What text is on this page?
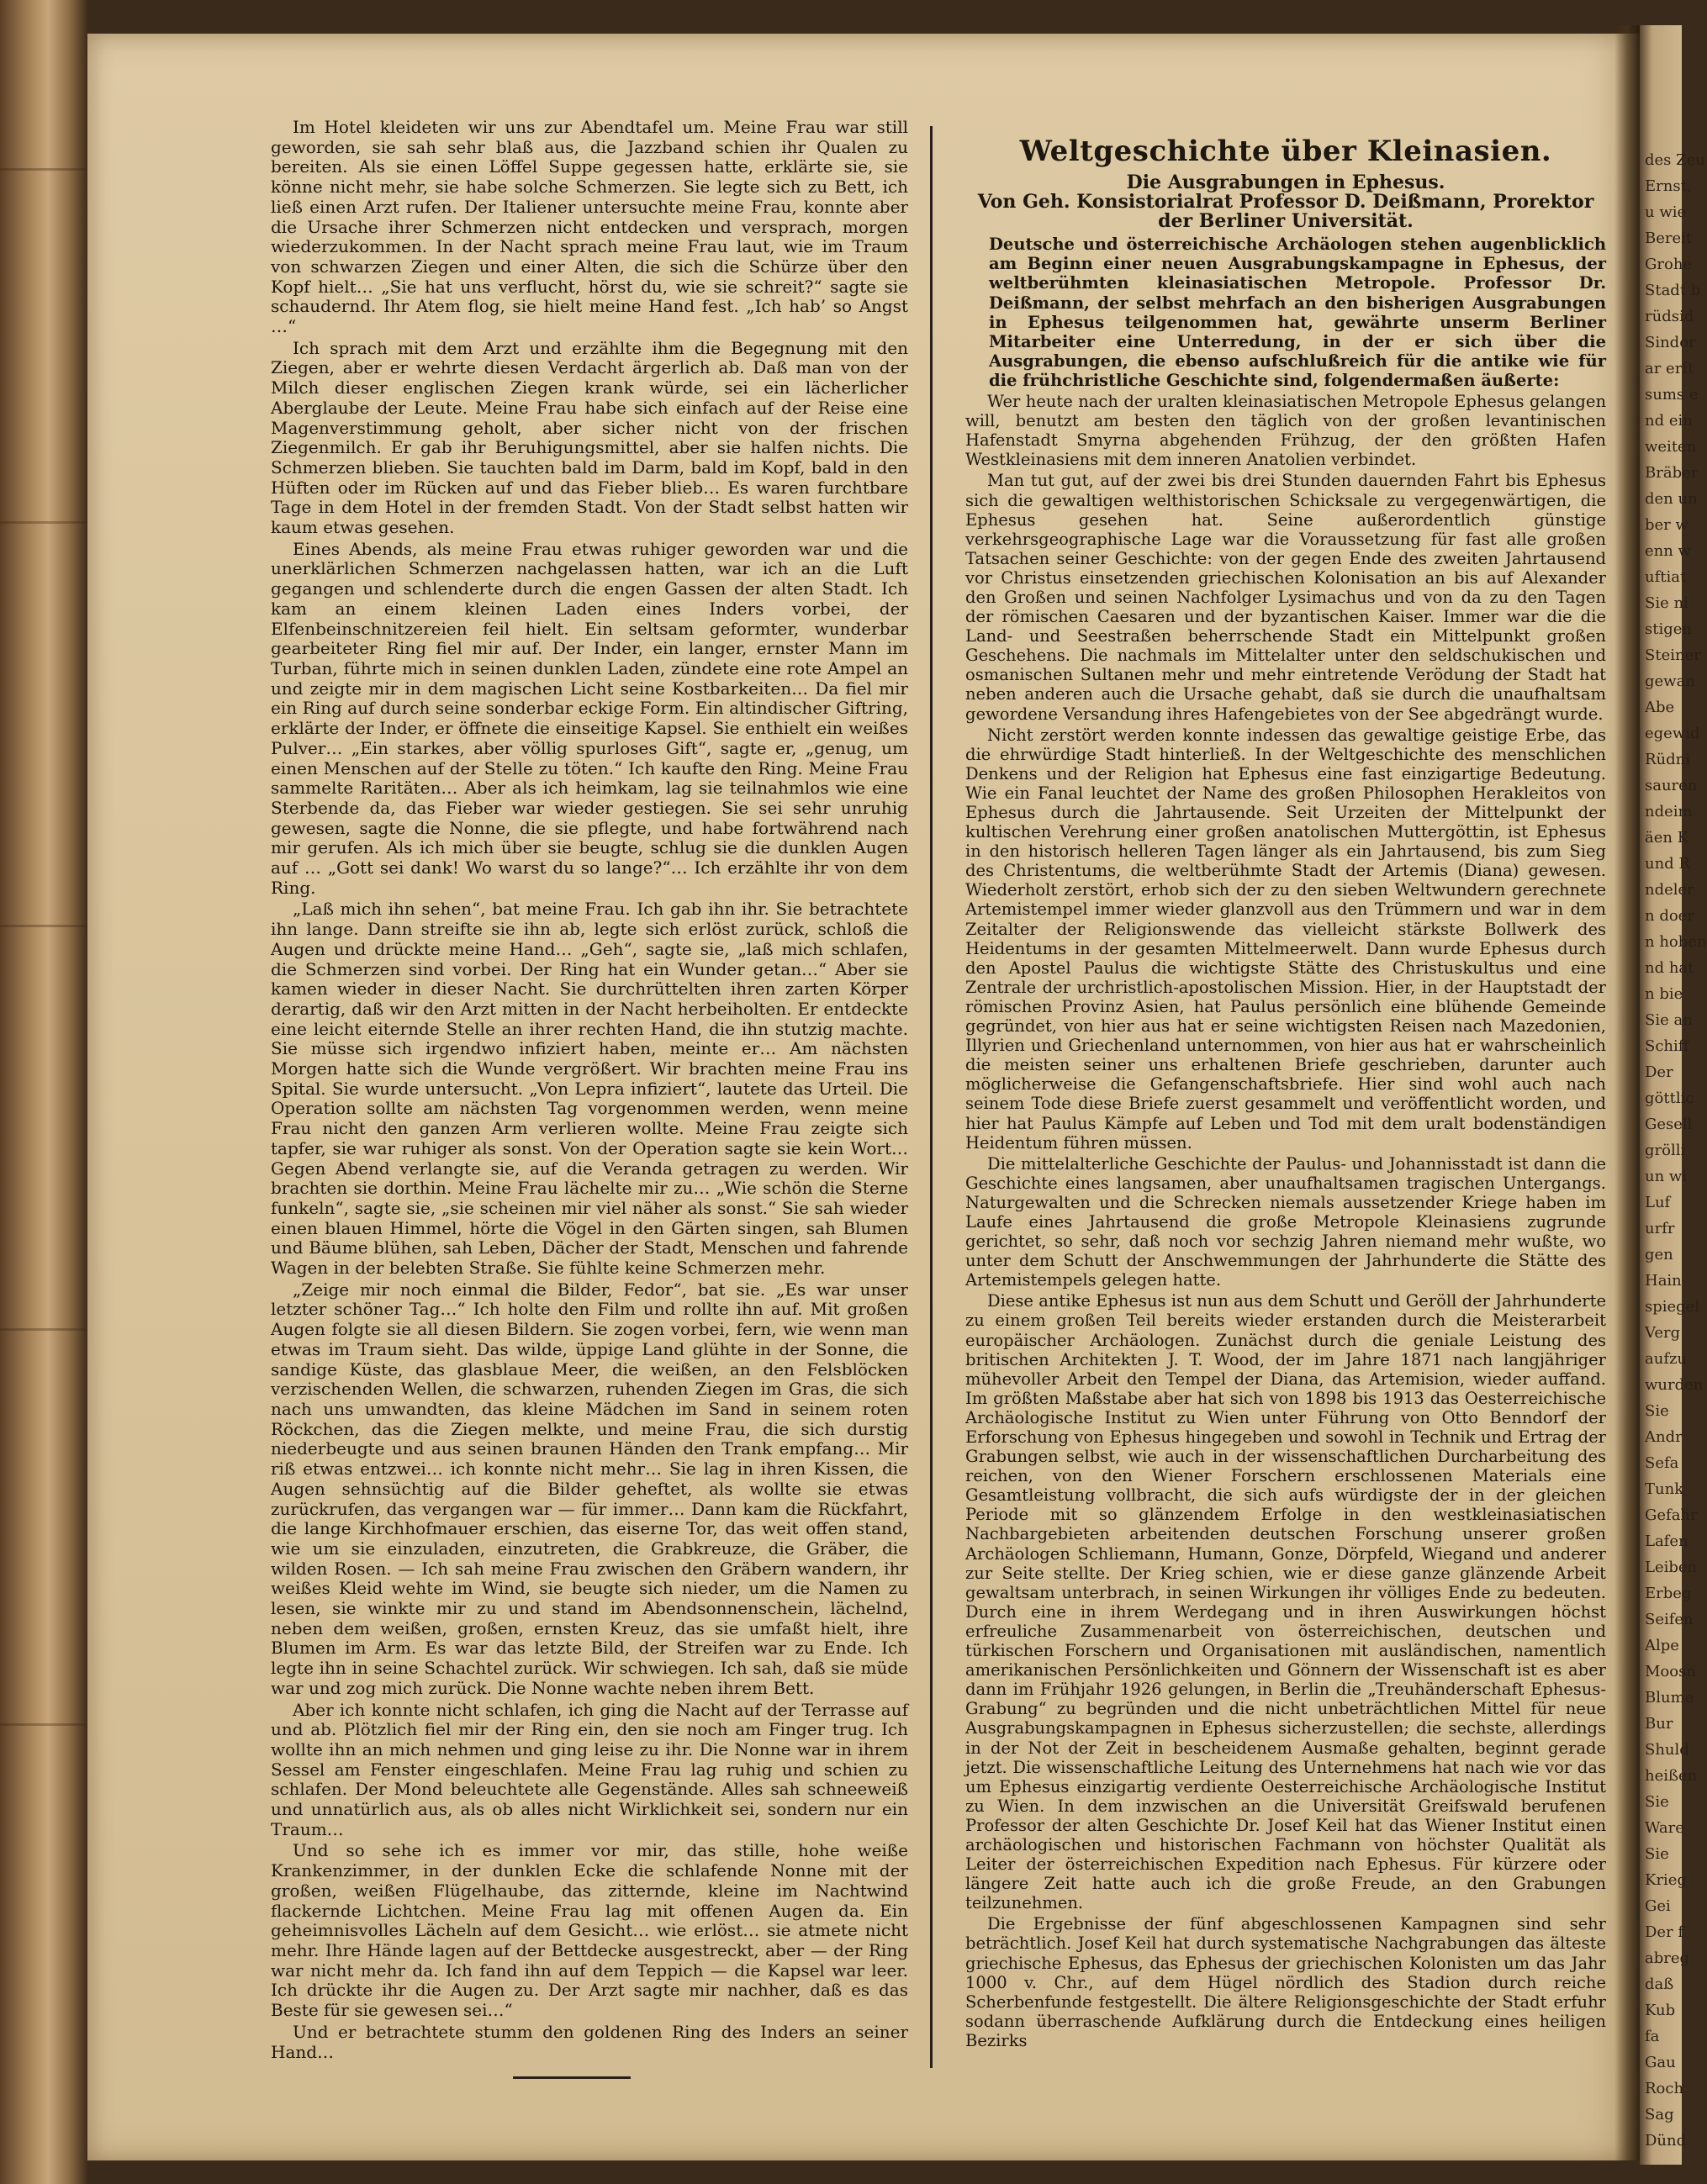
des Zeu
Ernst,
u wie
Bereit
Grohe
Stadt b
rüdsid
Sindor
ar erft
sums e
nd ein
weiten
Bräber
den un
ber w
enn w
uftiat
Sie ni
stigen
Steiner
gewan
Abe
egewid
Rüdni
sauren
ndeim
äen K
und R
ndeler
n doer
n hoben
nd hat
n bie
Sie an
Schiff
Der
göttlic
Gesell
grölli
un wi
Luf
urfr
gen
Hain
spiegel
Verg
aufzu
wurden
Sie
Andr
Sefa
Tunk
Gefahr
Lafen
Leiben
Erbeg
Seifen
Alpe
Moosn
Blume
Bur
Shuld
heißen
Sie
Ware
Sie
Krieg
Gei
Der f
abreg
daß
Kub
fa
Gau
Roch
Sag
Dünd

Im Hotel kleideten wir uns zur Abendtafel um. Meine Frau war still geworden, sie sah sehr blaß aus, die Jazzband schien ihr Qualen zu bereiten. Als sie einen Löffel Suppe gegessen hatte, erklärte sie, sie könne nicht mehr, sie habe solche Schmerzen. Sie legte sich zu Bett, ich ließ einen Arzt rufen. Der Italiener untersuchte meine Frau, konnte aber die Ursache ihrer Schmerzen nicht entdecken und versprach, morgen wiederzukommen. In der Nacht sprach meine Frau laut, wie im Traum von schwarzen Ziegen und einer Alten, die sich die Schürze über den Kopf hielt… „Sie hat uns verflucht, hörst du, wie sie schreit?“ sagte sie schaudernd. Ihr Atem flog, sie hielt meine Hand fest. „Ich hab’ so Angst …“

Ich sprach mit dem Arzt und erzählte ihm die Begegnung mit den Ziegen, aber er wehrte diesen Verdacht ärgerlich ab. Daß man von der Milch dieser englischen Ziegen krank würde, sei ein lächerlicher Aberglaube der Leute. Meine Frau habe sich einfach auf der Reise eine Magenverstimmung geholt, aber sicher nicht von der frischen Ziegenmilch. Er gab ihr Beruhigungsmittel, aber sie halfen nichts. Die Schmerzen blieben. Sie tauchten bald im Darm, bald im Kopf, bald in den Hüften oder im Rücken auf und das Fieber blieb… Es waren furchtbare Tage in dem Hotel in der fremden Stadt. Von der Stadt selbst hatten wir kaum etwas gesehen.

Eines Abends, als meine Frau etwas ruhiger geworden war und die unerklärlichen Schmerzen nachgelassen hatten, war ich an die Luft gegangen und schlenderte durch die engen Gassen der alten Stadt. Ich kam an einem kleinen Laden eines Inders vorbei, der Elfenbeinschnitzereien feil hielt. Ein seltsam geformter, wunderbar gearbeiteter Ring fiel mir auf. Der Inder, ein langer, ernster Mann im Turban, führte mich in seinen dunklen Laden, zündete eine rote Ampel an und zeigte mir in dem magischen Licht seine Kostbarkeiten… Da fiel mir ein Ring auf durch seine sonderbar eckige Form. Ein altindischer Giftring, erklärte der Inder, er öffnete die einseitige Kapsel. Sie enthielt ein weißes Pulver… „Ein starkes, aber völlig spurloses Gift“, sagte er, „genug, um einen Menschen auf der Stelle zu töten.“ Ich kaufte den Ring. Meine Frau sammelte Raritäten… Aber als ich heimkam, lag sie teilnahmlos wie eine Sterbende da, das Fieber war wieder gestiegen. Sie sei sehr unruhig gewesen, sagte die Nonne, die sie pflegte, und habe fortwährend nach mir gerufen. Als ich mich über sie beugte, schlug sie die dunklen Augen auf … „Gott sei dank! Wo warst du so lange?“… Ich erzählte ihr von dem Ring.

„Laß mich ihn sehen“, bat meine Frau. Ich gab ihn ihr. Sie betrachtete ihn lange. Dann streifte sie ihn ab, legte sich erlöst zurück, schloß die Augen und drückte meine Hand… „Geh“, sagte sie, „laß mich schlafen, die Schmerzen sind vorbei. Der Ring hat ein Wunder getan…“ Aber sie kamen wieder in dieser Nacht. Sie durchrüttelten ihren zarten Körper derartig, daß wir den Arzt mitten in der Nacht herbeiholten. Er entdeckte eine leicht eiternde Stelle an ihrer rechten Hand, die ihn stutzig machte. Sie müsse sich irgendwo infiziert haben, meinte er… Am nächsten Morgen hatte sich die Wunde vergrößert. Wir brachten meine Frau ins Spital. Sie wurde untersucht. „Von Lepra infiziert“, lautete das Urteil. Die Operation sollte am nächsten Tag vorgenommen werden, wenn meine Frau nicht den ganzen Arm verlieren wollte. Meine Frau zeigte sich tapfer, sie war ruhiger als sonst. Von der Operation sagte sie kein Wort… Gegen Abend verlangte sie, auf die Veranda getragen zu werden. Wir brachten sie dorthin. Meine Frau lächelte mir zu… „Wie schön die Sterne funkeln“, sagte sie, „sie scheinen mir viel näher als sonst.“ Sie sah wieder einen blauen Himmel, hörte die Vögel in den Gärten singen, sah Blumen und Bäume blühen, sah Leben, Dächer der Stadt, Menschen und fahrende Wagen in der belebten Straße. Sie fühlte keine Schmerzen mehr.

„Zeige mir noch einmal die Bilder, Fedor“, bat sie. „Es war unser letzter schöner Tag…“ Ich holte den Film und rollte ihn auf. Mit großen Augen folgte sie all diesen Bildern. Sie zogen vorbei, fern, wie wenn man etwas im Traum sieht. Das wilde, üppige Land glühte in der Sonne, die sandige Küste, das glasblaue Meer, die weißen, an den Felsblöcken verzischenden Wellen, die schwarzen, ruhenden Ziegen im Gras, die sich nach uns umwandten, das kleine Mädchen im Sand in seinem roten Röckchen, das die Ziegen melkte, und meine Frau, die sich durstig niederbeugte und aus seinen braunen Händen den Trank empfang… Mir riß etwas entzwei… ich konnte nicht mehr… Sie lag in ihren Kissen, die Augen sehnsüchtig auf die Bilder geheftet, als wollte sie etwas zurückrufen, das vergangen war — für immer… Dann kam die Rückfahrt, die lange Kirchhofmauer erschien, das eiserne Tor, das weit offen stand, wie um sie einzuladen, einzutreten, die Grabkreuze, die Gräber, die wilden Rosen. — Ich sah meine Frau zwischen den Gräbern wandern, ihr weißes Kleid wehte im Wind, sie beugte sich nieder, um die Namen zu lesen, sie winkte mir zu und stand im Abendsonnenschein, lächelnd, neben dem weißen, großen, ernsten Kreuz, das sie umfaßt hielt, ihre Blumen im Arm. Es war das letzte Bild, der Streifen war zu Ende. Ich legte ihn in seine Schachtel zurück. Wir schwiegen. Ich sah, daß sie müde war und zog mich zurück. Die Nonne wachte neben ihrem Bett.

Aber ich konnte nicht schlafen, ich ging die Nacht auf der Terrasse auf und ab. Plötzlich fiel mir der Ring ein, den sie noch am Finger trug. Ich wollte ihn an mich nehmen und ging leise zu ihr. Die Nonne war in ihrem Sessel am Fenster eingeschlafen. Meine Frau lag ruhig und schien zu schlafen. Der Mond beleuchtete alle Gegenstände. Alles sah schneeweiß und unnatürlich aus, als ob alles nicht Wirklichkeit sei, sondern nur ein Traum…

Und so sehe ich es immer vor mir, das stille, hohe weiße Krankenzimmer, in der dunklen Ecke die schlafende Nonne mit der großen, weißen Flügelhaube, das zitternde, kleine im Nachtwind flackernde Lichtchen. Meine Frau lag mit offenen Augen da. Ein geheimnisvolles Lächeln auf dem Gesicht… wie erlöst… sie atmete nicht mehr. Ihre Hände lagen auf der Bettdecke ausgestreckt, aber — der Ring war nicht mehr da. Ich fand ihn auf dem Teppich — die Kapsel war leer. Ich drückte ihr die Augen zu. Der Arzt sagte mir nachher, daß es das Beste für sie gewesen sei…“

Und er betrachtete stumm den goldenen Ring des Inders an seiner Hand…

Weltgeschichte über Kleinasien.

Die Ausgrabungen in Ephesus.

Von Geh. Konsistorialrat Professor D. Deißmann, Prorektor der Berliner Universität.

Deutsche und österreichische Archäologen stehen augenblicklich am Beginn einer neuen Ausgrabungskampagne in Ephesus, der weltberühmten kleinasiatischen Metropole. Professor Dr. Deißmann, der selbst mehrfach an den bisherigen Ausgrabungen in Ephesus teilgenommen hat, gewährte unserm Berliner Mitarbeiter eine Unterredung, in der er sich über die Ausgrabungen, die ebenso aufschlußreich für die antike wie für die frühchristliche Geschichte sind, folgendermaßen äußerte:

Wer heute nach der uralten kleinasiatischen Metropole Ephesus gelangen will, benutzt am besten den täglich von der großen levantinischen Hafenstadt Smyrna abgehenden Frühzug, der den größten Hafen Westkleinasiens mit dem inneren Anatolien verbindet.

Man tut gut, auf der zwei bis drei Stunden dauernden Fahrt bis Ephesus sich die gewaltigen welthistorischen Schicksale zu vergegenwärtigen, die Ephesus gesehen hat. Seine außerordentlich günstige verkehrsgeographische Lage war die Voraussetzung für fast alle großen Tatsachen seiner Geschichte: von der gegen Ende des zweiten Jahrtausend vor Christus einsetzenden griechischen Kolonisation an bis auf Alexander den Großen und seinen Nachfolger Lysimachus und von da zu den Tagen der römischen Caesaren und der byzantischen Kaiser. Immer war die die Land- und Seestraßen beherrschende Stadt ein Mittelpunkt großen Geschehens. Die nachmals im Mittelalter unter den seldschukischen und osmanischen Sultanen mehr und mehr eintretende Verödung der Stadt hat neben anderen auch die Ursache gehabt, daß sie durch die unaufhaltsam gewordene Versandung ihres Hafengebietes von der See abgedrängt wurde.

Nicht zerstört werden konnte indessen das gewaltige geistige Erbe, das die ehrwürdige Stadt hinterließ. In der Weltgeschichte des menschlichen Denkens und der Religion hat Ephesus eine fast einzigartige Bedeutung. Wie ein Fanal leuchtet der Name des großen Philosophen Herakleitos von Ephesus durch die Jahrtausende. Seit Urzeiten der Mittelpunkt der kultischen Verehrung einer großen anatolischen Muttergöttin, ist Ephesus in den historisch helleren Tagen länger als ein Jahrtausend, bis zum Sieg des Christentums, die weltberühmte Stadt der Artemis (Diana) gewesen. Wiederholt zerstört, erhob sich der zu den sieben Weltwundern gerechnete Artemistempel immer wieder glanzvoll aus den Trümmern und war in dem Zeitalter der Religionswende das vielleicht stärkste Bollwerk des Heidentums in der gesamten Mittelmeerwelt. Dann wurde Ephesus durch den Apostel Paulus die wichtigste Stätte des Christuskultus und eine Zentrale der urchristlich-apostolischen Mission. Hier, in der Hauptstadt der römischen Provinz Asien, hat Paulus persönlich eine blühende Gemeinde gegründet, von hier aus hat er seine wichtigsten Reisen nach Mazedonien, Illyrien und Griechenland unternommen, von hier aus hat er wahrscheinlich die meisten seiner uns erhaltenen Briefe geschrieben, darunter auch möglicherweise die Gefangenschaftsbriefe. Hier sind wohl auch nach seinem Tode diese Briefe zuerst gesammelt und veröffentlicht worden, und hier hat Paulus Kämpfe auf Leben und Tod mit dem uralt bodenständigen Heidentum führen müssen.

Die mittelalterliche Geschichte der Paulus- und Johannisstadt ist dann die Geschichte eines langsamen, aber unaufhaltsamen tragischen Untergangs. Naturgewalten und die Schrecken niemals aussetzender Kriege haben im Laufe eines Jahrtausend die große Metropole Kleinasiens zugrunde gerichtet, so sehr, daß noch vor sechzig Jahren niemand mehr wußte, wo unter dem Schutt der Anschwemmungen der Jahrhunderte die Stätte des Artemistempels gelegen hatte.

Diese antike Ephesus ist nun aus dem Schutt und Geröll der Jahrhunderte zu einem großen Teil bereits wieder erstanden durch die Meisterarbeit europäischer Archäologen. Zunächst durch die geniale Leistung des britischen Architekten J. T. Wood, der im Jahre 1871 nach langjähriger mühevoller Arbeit den Tempel der Diana, das Artemision, wieder auffand. Im größten Maßstabe aber hat sich von 1898 bis 1913 das Oesterreichische Archäologische Institut zu Wien unter Führung von Otto Benndorf der Erforschung von Ephesus hingegeben und sowohl in Technik und Ertrag der Grabungen selbst, wie auch in der wissenschaftlichen Durcharbeitung des reichen, von den Wiener Forschern erschlossenen Materials eine Gesamtleistung vollbracht, die sich aufs würdigste der in der gleichen Periode mit so glänzendem Erfolge in den westkleinasiatischen Nachbargebieten arbeitenden deutschen Forschung unserer großen Archäologen Schliemann, Humann, Gonze, Dörpfeld, Wiegand und anderer zur Seite stellte. Der Krieg schien, wie er diese ganze glänzende Arbeit gewaltsam unterbrach, in seinen Wirkungen ihr völliges Ende zu bedeuten. Durch eine in ihrem Werdegang und in ihren Auswirkungen höchst erfreuliche Zusammenarbeit von österreichischen, deutschen und türkischen Forschern und Organisationen mit ausländischen, namentlich amerikanischen Persönlichkeiten und Gönnern der Wissenschaft ist es aber dann im Frühjahr 1926 gelungen, in Berlin die „Treuhänderschaft Ephesus-Grabung“ zu begründen und die nicht unbeträchtlichen Mittel für neue Ausgrabungskampagnen in Ephesus sicherzustellen; die sechste, allerdings in der Not der Zeit in bescheidenem Ausmaße gehalten, beginnt gerade jetzt. Die wissenschaftliche Leitung des Unternehmens hat nach wie vor das um Ephesus einzigartig verdiente Oesterreichische Archäologische Institut zu Wien. In dem inzwischen an die Universität Greifswald berufenen Professor der alten Geschichte Dr. Josef Keil hat das Wiener Institut einen archäologischen und historischen Fachmann von höchster Qualität als Leiter der österreichischen Expedition nach Ephesus. Für kürzere oder längere Zeit hatte auch ich die große Freude, an den Grabungen teilzunehmen.

Die Ergebnisse der fünf abgeschlossenen Kampagnen sind sehr beträchtlich. Josef Keil hat durch systematische Nachgrabungen das älteste griechische Ephesus, das Ephesus der griechischen Kolonisten um das Jahr 1000 v. Chr., auf dem Hügel nördlich des Stadion durch reiche Scherbenfunde festgestellt. Die ältere Religionsgeschichte der Stadt erfuhr sodann überraschende Aufklärung durch die Entdeckung eines heiligen Bezirks
